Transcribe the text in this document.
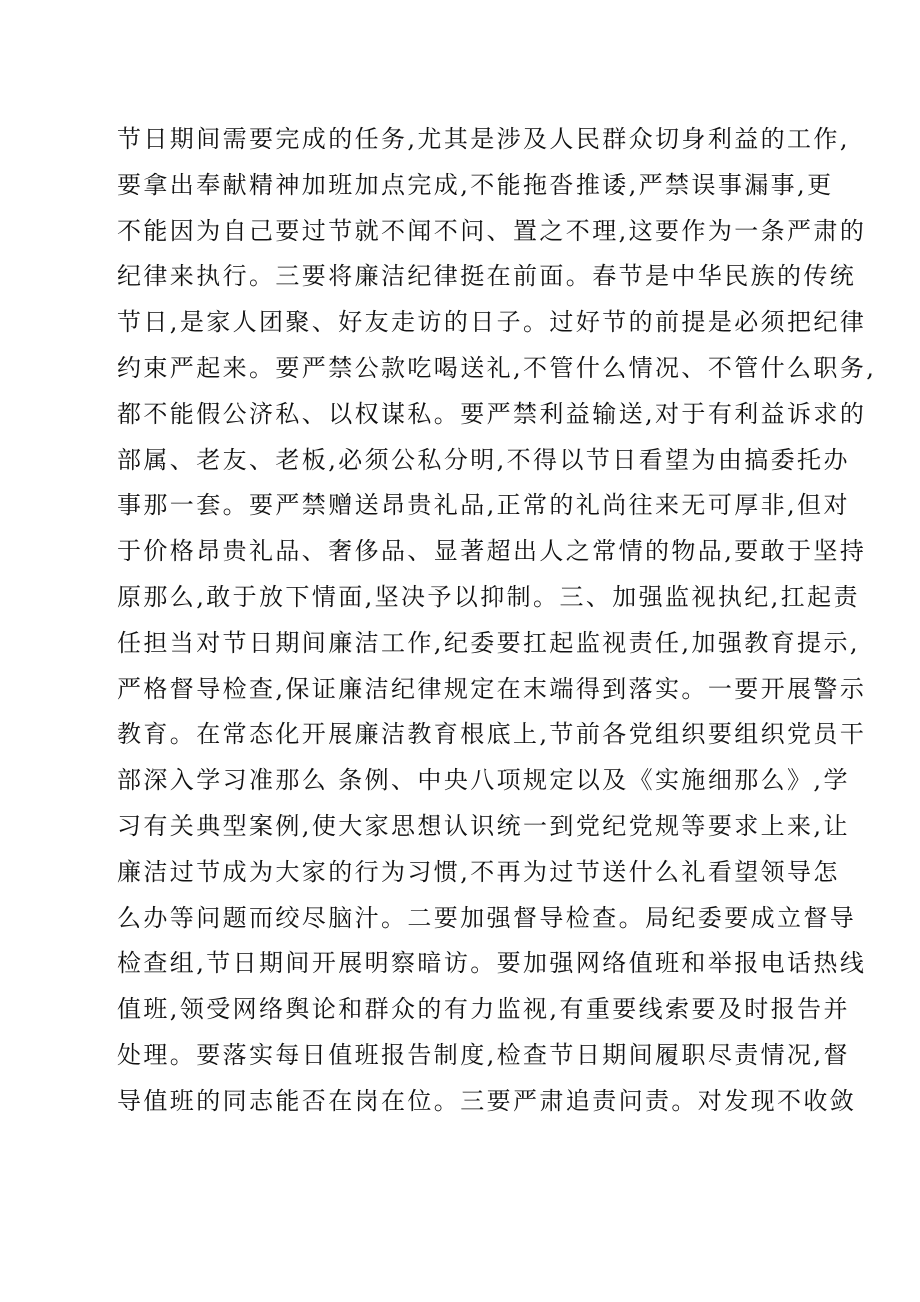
节日期间需要完成的任务,尤其是涉及人民群众切身利益的工作,
要拿出奉献精神加班加点完成,不能拖沓推诿,严禁误事漏事,更
不能因为自己要过节就不闻不问、置之不理,这要作为一条严肃的
纪律来执行。三要将廉洁纪律挺在前面。春节是中华民族的传统
节日,是家人团聚、好友走访的日子。过好节的前提是必须把纪律
约束严起来。要严禁公款吃喝送礼,不管什么情况、不管什么职务,
都不能假公济私、以权谋私。要严禁利益输送,对于有利益诉求的
部属、老友、老板,必须公私分明,不得以节日看望为由搞委托办
事那一套。要严禁赠送昂贵礼品,正常的礼尚往来无可厚非,但对
于价格昂贵礼品、奢侈品、显著超出人之常情的物品,要敢于坚持
原那么,敢于放下情面,坚决予以抑制。三、加强监视执纪,扛起责
任担当对节日期间廉洁工作,纪委要扛起监视责任,加强教育提示,
严格督导检查,保证廉洁纪律规定在末端得到落实。一要开展警示
教育。在常态化开展廉洁教育根底上,节前各党组织要组织党员干
部深入学习准那么 条例、中央八项规定以及《实施细那么》,学
习有关典型案例,使大家思想认识统一到党纪党规等要求上来,让
廉洁过节成为大家的行为习惯,不再为过节送什么礼看望领导怎
么办等问题而绞尽脑汁。二要加强督导检查。局纪委要成立督导
检查组,节日期间开展明察暗访。要加强网络值班和举报电话热线
值班,领受网络舆论和群众的有力监视,有重要线索要及时报告并
处理。要落实每日值班报告制度,检查节日期间履职尽责情况,督
导值班的同志能否在岗在位。三要严肃追责问责。对发现不收敛
